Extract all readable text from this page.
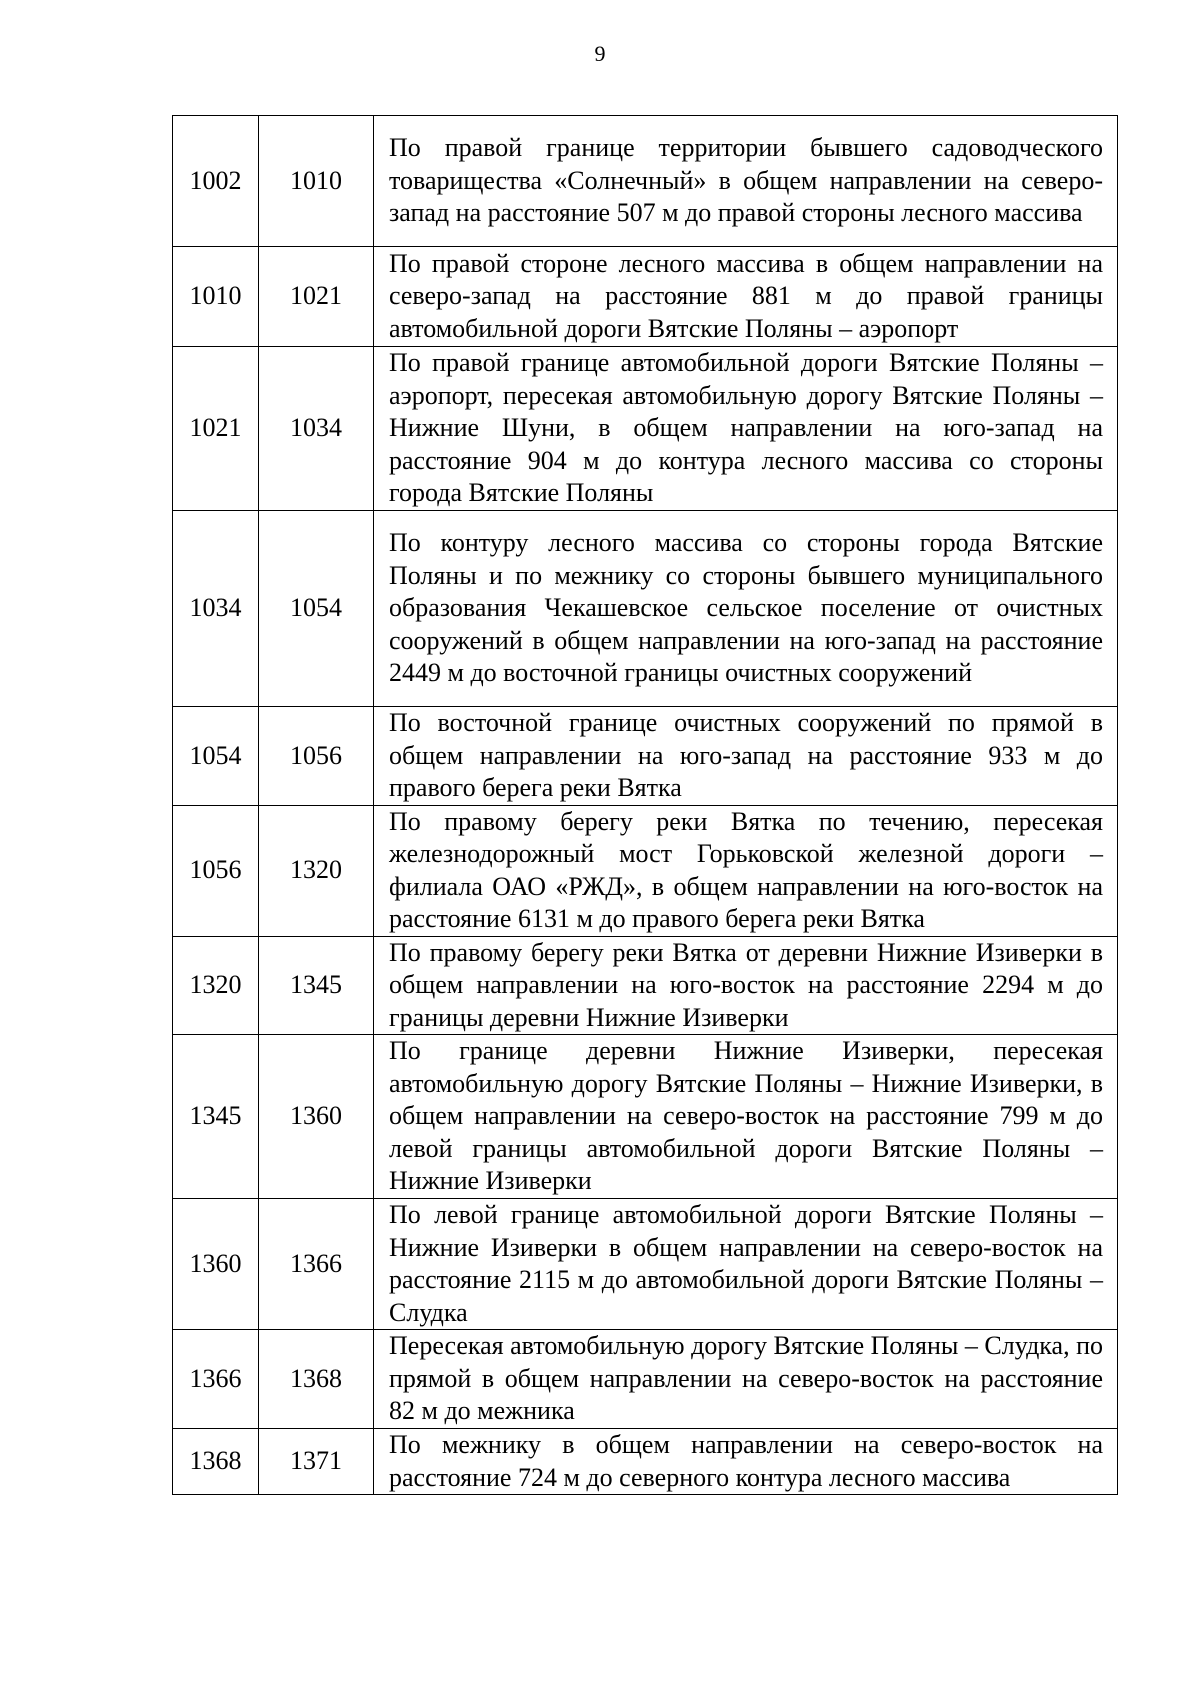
9
1002	1010	По правой границе территории бывшего садоводческого товарищества «Солнечный» в общем направлении на северо-запад на расстояние 507 м до правой стороны лесного массива
1010	1021	По правой стороне лесного массива в общем направлении на северо-запад на расстояние 881 м до правой границы автомобильной дороги Вятские Поляны – аэропорт
1021	1034	По правой границе автомобильной дороги Вятские Поляны – аэропорт, пересекая автомобильную дорогу Вятские Поляны – Нижние Шуни, в общем направлении на юго-запад на расстояние 904 м до контура лесного массива со стороны города Вятские Поляны
1034	1054	По контуру лесного массива со стороны города Вятские Поляны и по межнику со стороны бывшего муниципального образования Чекашевское сельское поселение от очистных сооружений в общем направлении на юго-запад на расстояние 2449 м до восточной границы очистных сооружений
1054	1056	По восточной границе очистных сооружений по прямой в общем направлении на юго-запад на расстояние 933 м до правого берега реки Вятка
1056	1320	По правому берегу реки Вятка по течению, пересекая железнодорожный мост Горьковской железной дороги – филиала ОАО «РЖД», в общем направлении на юго-восток на расстояние 6131 м до правого берега реки Вятка
1320	1345	По правому берегу реки Вятка от деревни Нижние Изиверки в общем направлении на юго-восток на расстояние 2294 м до границы деревни Нижние Изиверки
1345	1360	По границе деревни Нижние Изиверки, пересекая автомобильную дорогу Вятские Поляны – Нижние Изиверки, в общем направлении на северо-восток на расстояние 799 м до левой границы автомобильной дороги Вятские Поляны – Нижние Изиверки
1360	1366	По левой границе автомобильной дороги Вятские Поляны – Нижние Изиверки в общем направлении на северо-восток на расстояние 2115 м до автомобильной дороги Вятские Поляны – Слудка
1366	1368	Пересекая автомобильную дорогу Вятские Поляны – Слудка, по прямой в общем направлении на северо-восток на расстояние 82 м до межника
1368	1371	По межнику в общем направлении на северо-восток на расстояние 724 м до северного контура лесного массива
